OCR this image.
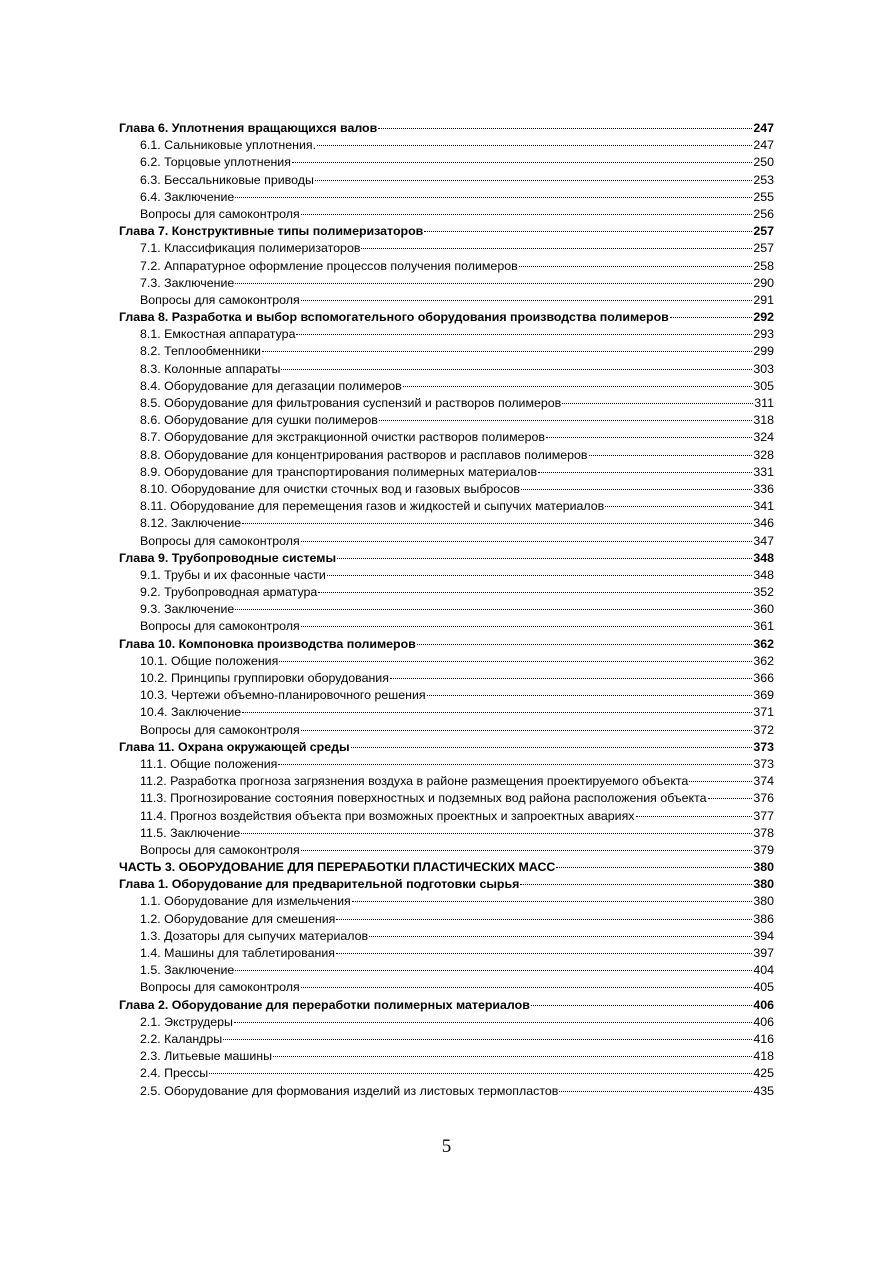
Глава 6. Уплотнения вращающихся валов	247
6.1. Сальниковые уплотнения.	247
6.2. Торцовые уплотнения	250
6.3. Бессальниковые приводы	253
6.4. Заключение	255
Вопросы для самоконтроля	256
Глава 7. Конструктивные типы полимеризаторов	257
7.1. Классификация полимеризаторов	257
7.2. Аппаратурное оформление процессов получения полимеров	258
7.3. Заключение	290
Вопросы для самоконтроля	291
Глава 8. Разработка и выбор вспомогательного оборудования производства полимеров	292
8.1. Емкостная аппаратура	293
8.2. Теплообменники	299
8.3. Колонные аппараты	303
8.4. Оборудование для дегазации полимеров	305
8.5. Оборудование для фильтрования суспензий и растворов полимеров	311
8.6. Оборудование для сушки полимеров	318
8.7. Оборудование для экстракционной очистки растворов полимеров	324
8.8. Оборудование для концентрирования растворов и расплавов полимеров	328
8.9. Оборудование для транспортирования полимерных материалов	331
8.10. Оборудование для очистки сточных вод и газовых выбросов	336
8.11. Оборудование для перемещения газов и жидкостей и сыпучих материалов	341
8.12. Заключение	346
Вопросы для самоконтроля	347
Глава 9. Трубопроводные системы	348
9.1. Трубы и их фасонные части	348
9.2. Трубопроводная арматура	352
9.3. Заключение	360
Вопросы для самоконтроля	361
Глава 10. Компоновка производства полимеров	362
10.1. Общие положения	362
10.2. Принципы группировки оборудования	366
10.3. Чертежи объемно-планировочного решения	369
10.4. Заключение	371
Вопросы для самоконтроля	372
Глава 11. Охрана окружающей среды	373
11.1. Общие положения	373
11.2. Разработка прогноза загрязнения воздуха в районе размещения проектируемого объекта	374
11.3. Прогнозирование состояния поверхностных и подземных вод района расположения объекта	376
11.4. Прогноз воздействия объекта при возможных проектных и запроектных авариях	377
11.5. Заключение	378
Вопросы для самоконтроля	379
ЧАСТЬ 3. ОБОРУДОВАНИЕ ДЛЯ ПЕРЕРАБОТКИ ПЛАСТИЧЕСКИХ МАСС	380
Глава 1. Оборудование для предварительной подготовки сырья	380
1.1. Оборудование для измельчения	380
1.2. Оборудование для смешения	386
1.3. Дозаторы для сыпучих материалов	394
1.4. Машины для таблетирования	397
1.5. Заключение	404
Вопросы для самоконтроля	405
Глава 2. Оборудование для переработки полимерных материалов	406
2.1. Экструдеры	406
2.2. Каландры	416
2.3. Литьевые машины	418
2.4. Прессы	425
2.5. Оборудование для формования изделий из листовых термопластов	435
5
